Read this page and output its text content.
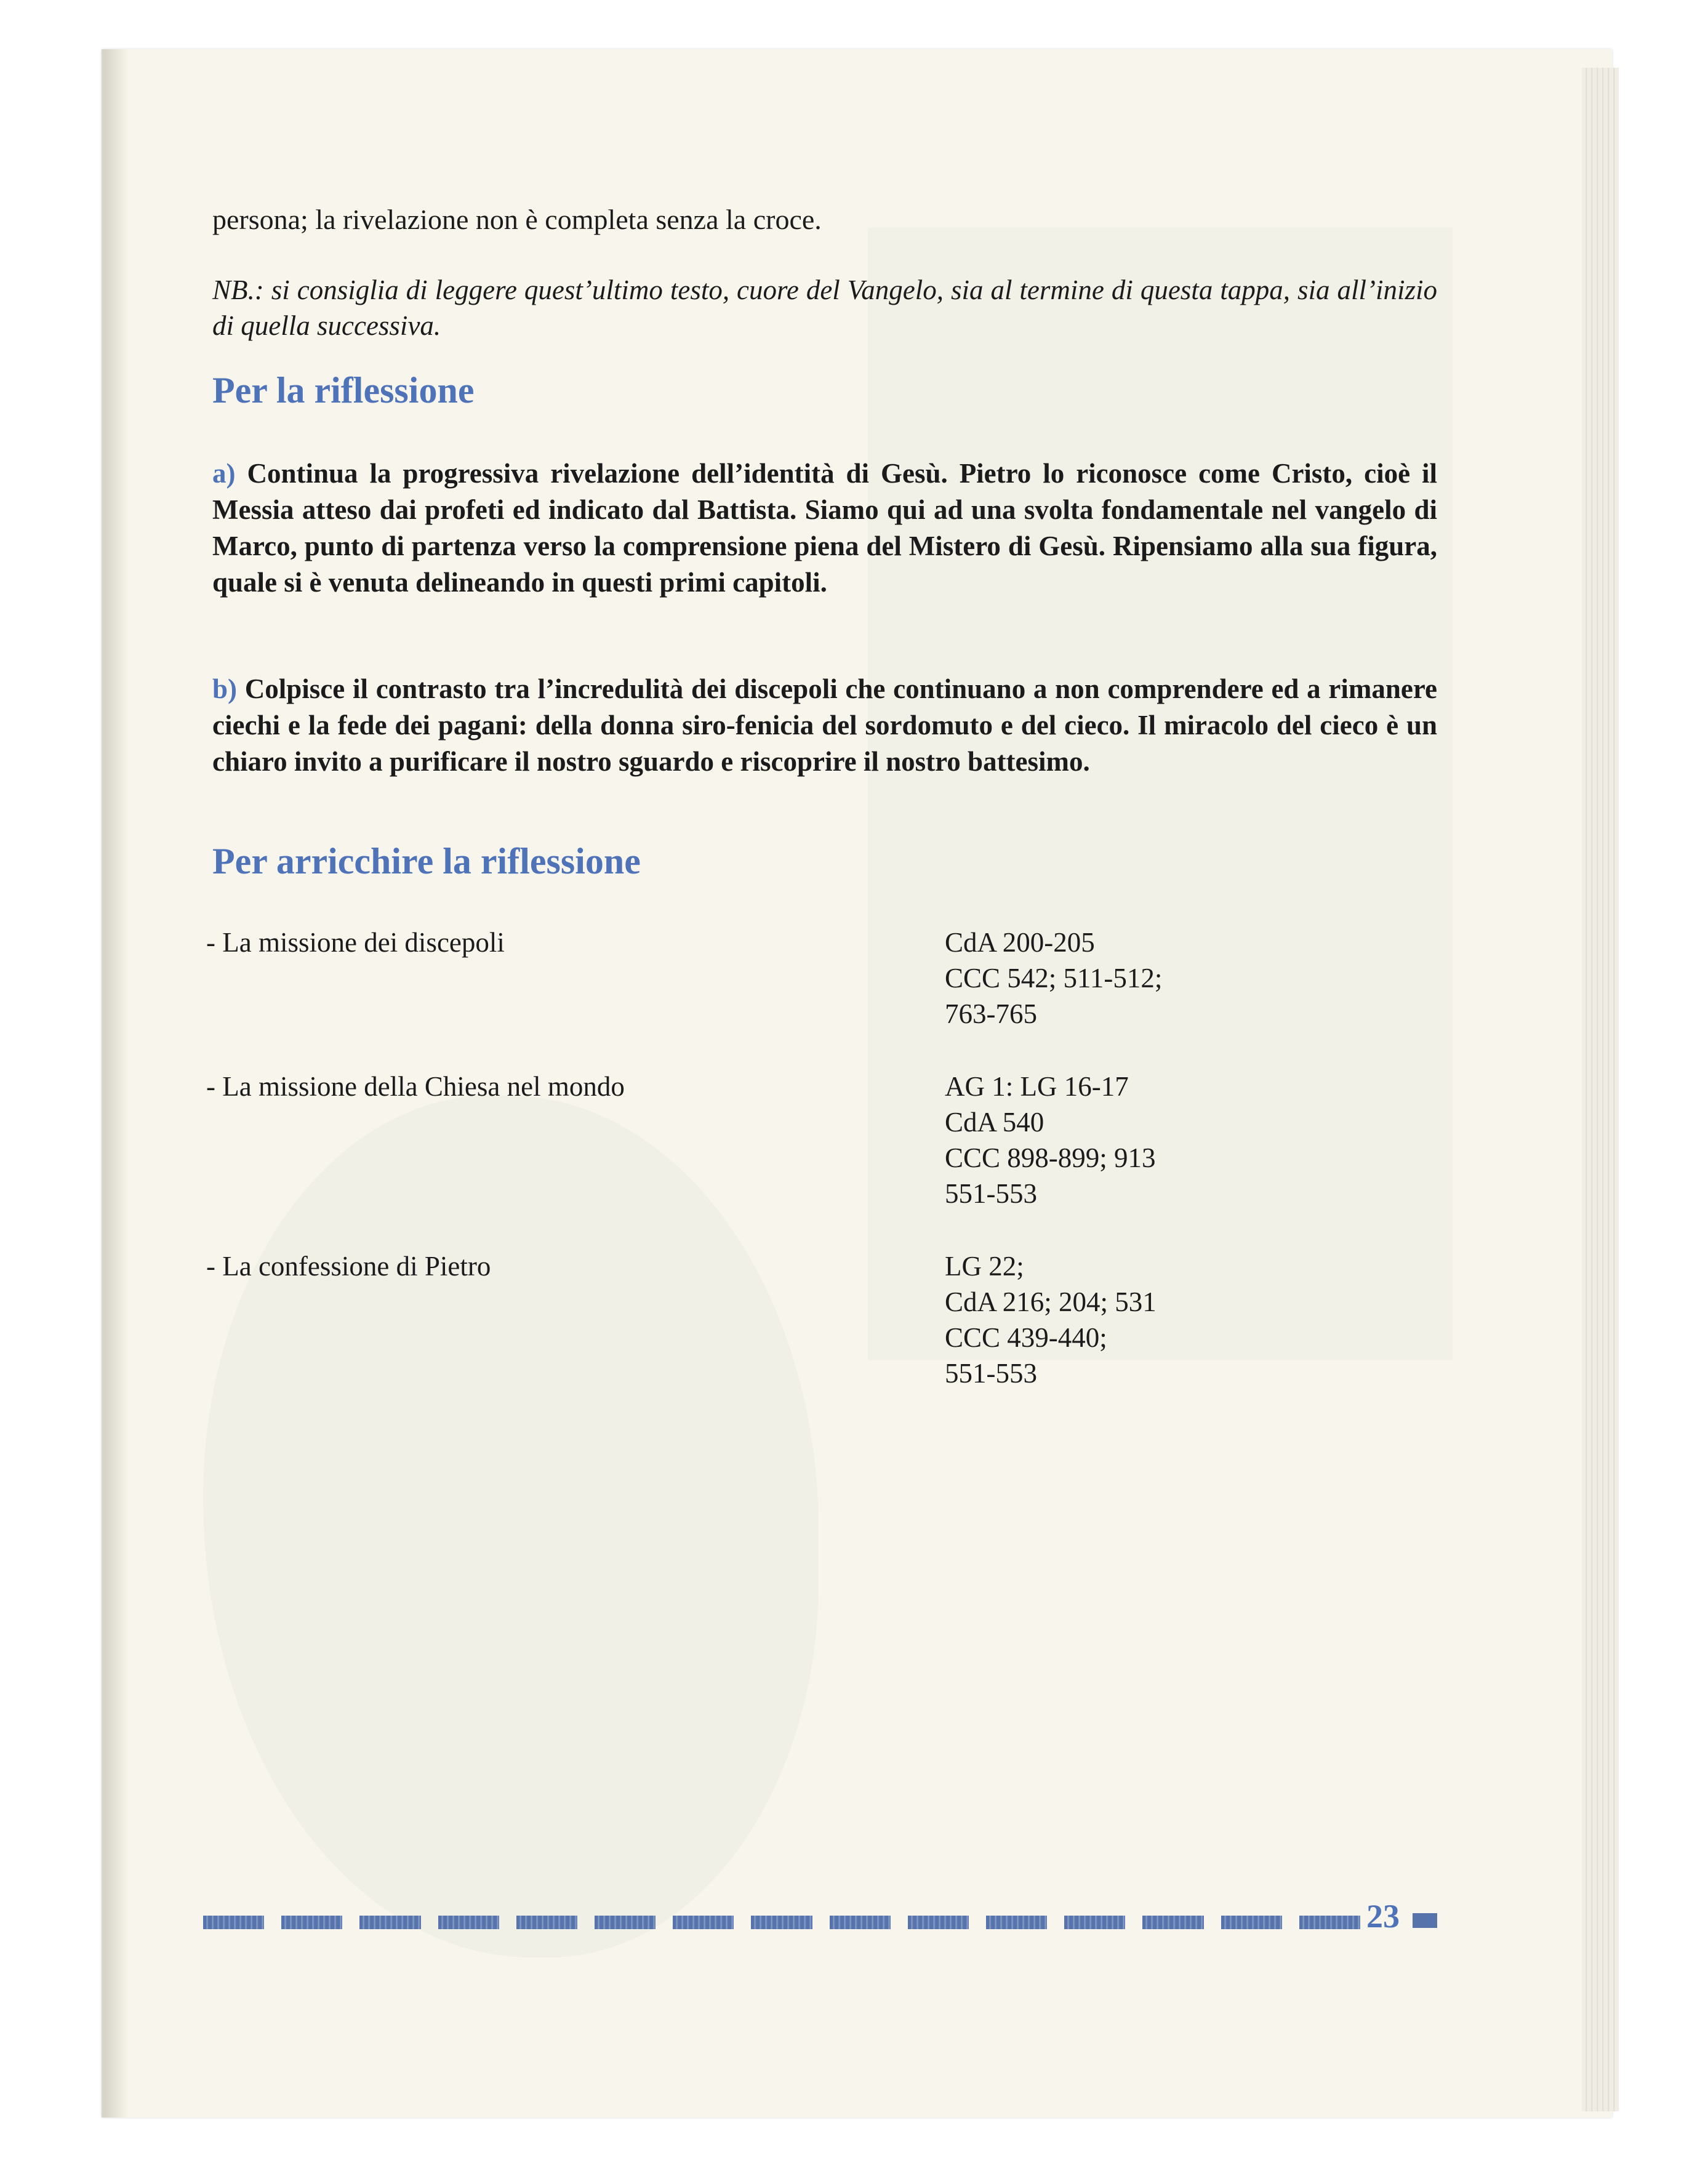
persona; la rivelazione non è completa senza la croce.
NB.: si consiglia di leggere quest’ultimo testo, cuore del Vangelo, sia al termine di questa tappa, sia all’inizio di quella successiva.
Per la riflessione
a) Continua la progressiva rivelazione dell’identità di Gesù. Pietro lo riconosce come Cristo, cioè il Messia atteso dai profeti ed indicato dal Battista. Siamo qui ad una svolta fondamentale nel vangelo di Marco, punto di partenza verso la comprensione piena del Mistero di Gesù. Ripensiamo alla sua figura, quale si è venuta delineando in questi primi capitoli.
b) Colpisce il contrasto tra l’incredulità dei discepoli che continuano a non comprendere ed a rimanere ciechi e la fede dei pagani: della donna siro-fenicia del sordomuto e del cieco. Il miracolo del cieco è un chiaro invito a purificare il nostro sguardo e riscoprire il nostro battesimo.
Per arricchire la riflessione
- La missione dei discepoli	CdA 200-205
CCC 542; 511-512;
763-765
- La missione della Chiesa nel mondo	AG 1: LG 16-17
CdA 540
CCC 898-899; 913
551-553
- La confessione di Pietro	LG 22;
CdA 216; 204; 531
CCC 439-440;
551-553
23
